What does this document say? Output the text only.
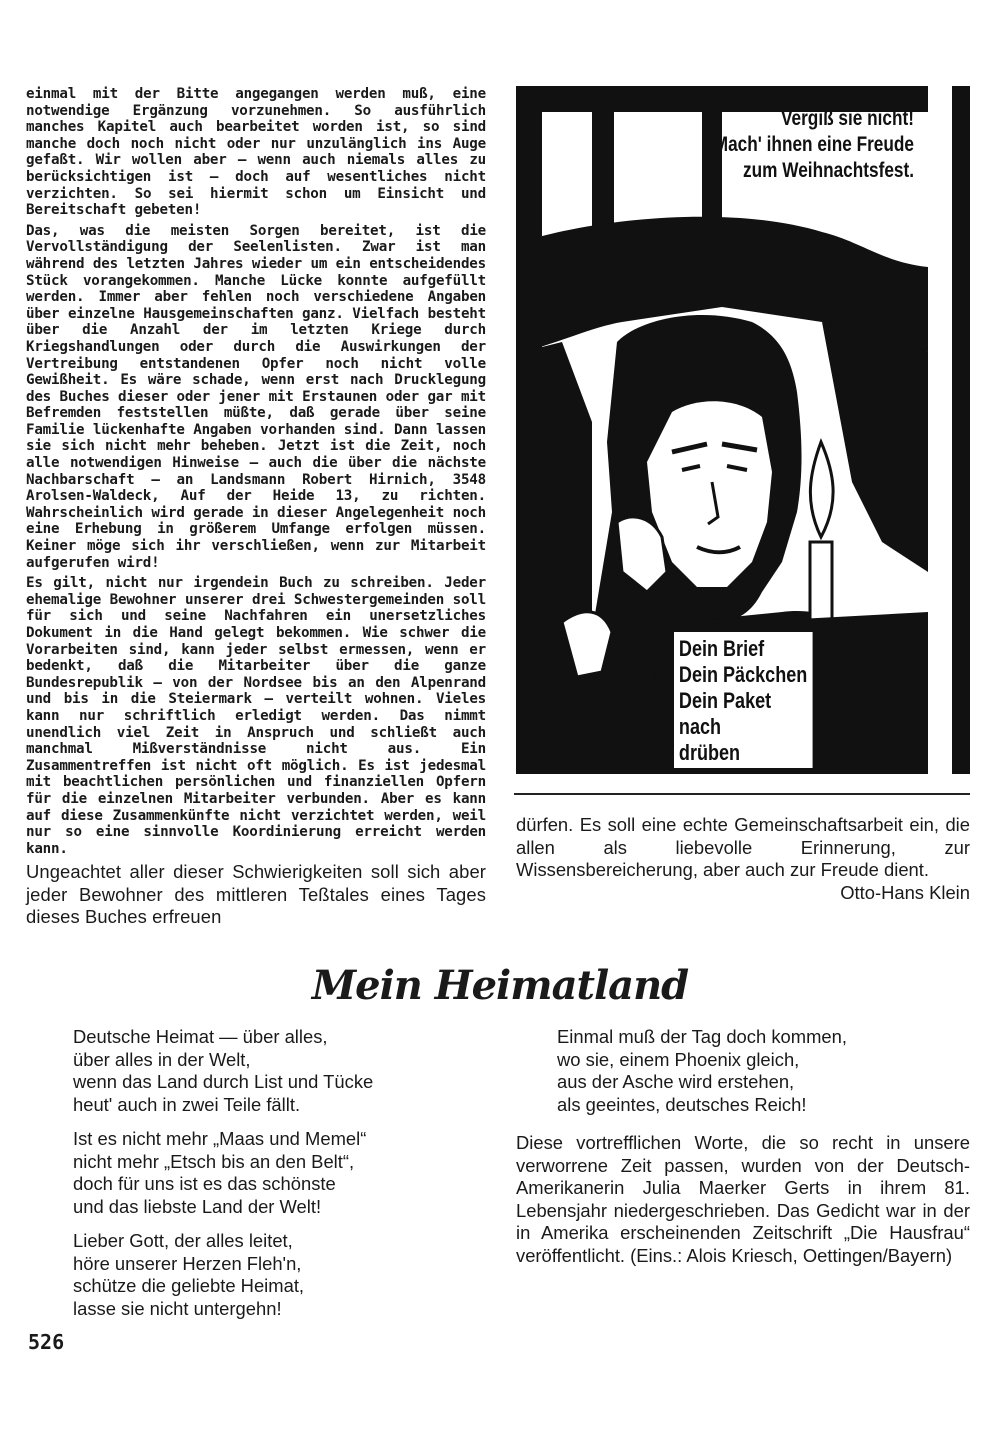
einmal mit der Bitte angegangen werden muß, eine notwendige Ergänzung vorzunehmen. So ausführlich manches Kapitel auch bearbeitet worden ist, so sind manche doch noch nicht oder nur unzulänglich ins Auge gefaßt. Wir wollen aber — wenn auch niemals alles zu berücksichtigen ist — doch auf wesentliches nicht verzichten. So sei hiermit schon um Einsicht und Bereitschaft gebeten!

Das, was die meisten Sorgen bereitet, ist die Vervollständigung der Seelenlisten. Zwar ist man während des letzten Jahres wieder um ein entscheidendes Stück vorangekommen. Manche Lücke konnte aufgefüllt werden. Immer aber fehlen noch verschiedene Angaben über einzelne Hausgemeinschaften ganz. Vielfach besteht über die Anzahl der im letzten Kriege durch Kriegshandlungen oder durch die Auswirkungen der Vertreibung entstandenen Opfer noch nicht volle Gewißheit. Es wäre schade, wenn erst nach Drucklegung des Buches dieser oder jener mit Erstaunen oder gar mit Befremden feststellen müßte, daß gerade über seine Familie lückenhafte Angaben vorhanden sind. Dann lassen sie sich nicht mehr beheben. Jetzt ist die Zeit, noch alle notwendigen Hinweise — auch die über die nächste Nachbarschaft — an Landsmann Robert Hirnich, 3548 Arolsen-Waldeck, Auf der Heide 13, zu richten. Wahrscheinlich wird gerade in dieser Angelegenheit noch eine Erhebung in größerem Umfange erfolgen müssen. Keiner möge sich ihr verschließen, wenn zur Mitarbeit aufgerufen wird!

Es gilt, nicht nur irgendein Buch zu schreiben. Jeder ehemalige Bewohner unserer drei Schwestergemeinden soll für sich und seine Nachfahren ein unersetzliches Dokument in die Hand gelegt bekommen. Wie schwer die Vorarbeiten sind, kann jeder selbst ermessen, wenn er bedenkt, daß die Mitarbeiter über die ganze Bundesrepublik — von der Nordsee bis an den Alpenrand und bis in die Steiermark — verteilt wohnen. Vieles kann nur schriftlich erledigt werden. Das nimmt unendlich viel Zeit in Anspruch und schließt auch manchmal Mißverständnisse nicht aus. Ein Zusammentreffen ist nicht oft möglich. Es ist jedesmal mit beachtlichen persönlichen und finanziellen Opfern für die einzelnen Mitarbeiter verbunden. Aber es kann auf diese Zusammenkünfte nicht verzichtet werden, weil nur so eine sinnvolle Koordinierung erreicht werden kann.

Ungeachtet aller dieser Schwierigkeiten soll sich aber jeder Bewohner des mittleren Teßtales eines Tages dieses Buches erfreuen

Vergiß sie nicht!
Mach' ihnen eine Freude
zum Weihnachtsfest.
Dein Brief
Dein Päckchen
Dein Paket
nach
drüben
dürfen. Es soll eine echte Gemeinschaftsarbeit ein, die allen als liebevolle Erinnerung, zur Wissensbereicherung, aber auch zur Freude dient.
Otto-Hans Klein
Mein Heimatland
Deutsche Heimat — über alles,
über alles in der Welt,
wenn das Land durch List und Tücke
heut' auch in zwei Teile fällt.
Ist es nicht mehr „Maas und Memel“
nicht mehr „Etsch bis an den Belt“,
doch für uns ist es das schönste
und das liebste Land der Welt!
Lieber Gott, der alles leitet,
höre unserer Herzen Fleh'n,
schütze die geliebte Heimat,
lasse sie nicht untergehn!
Einmal muß der Tag doch kommen,
wo sie, einem Phoenix gleich,
aus der Asche wird erstehen,
als geeintes, deutsches Reich!
Diese vortrefflichen Worte, die so recht in unsere verworrene Zeit passen, wurden von der Deutsch-Amerikanerin Julia Maerker Gerts in ihrem 81. Lebensjahr niedergeschrieben. Das Gedicht war in der in Amerika erscheinenden Zeitschrift „Die Hausfrau“ veröffentlicht. (Eins.: Alois Kriesch, Oettingen/Bayern)
526
